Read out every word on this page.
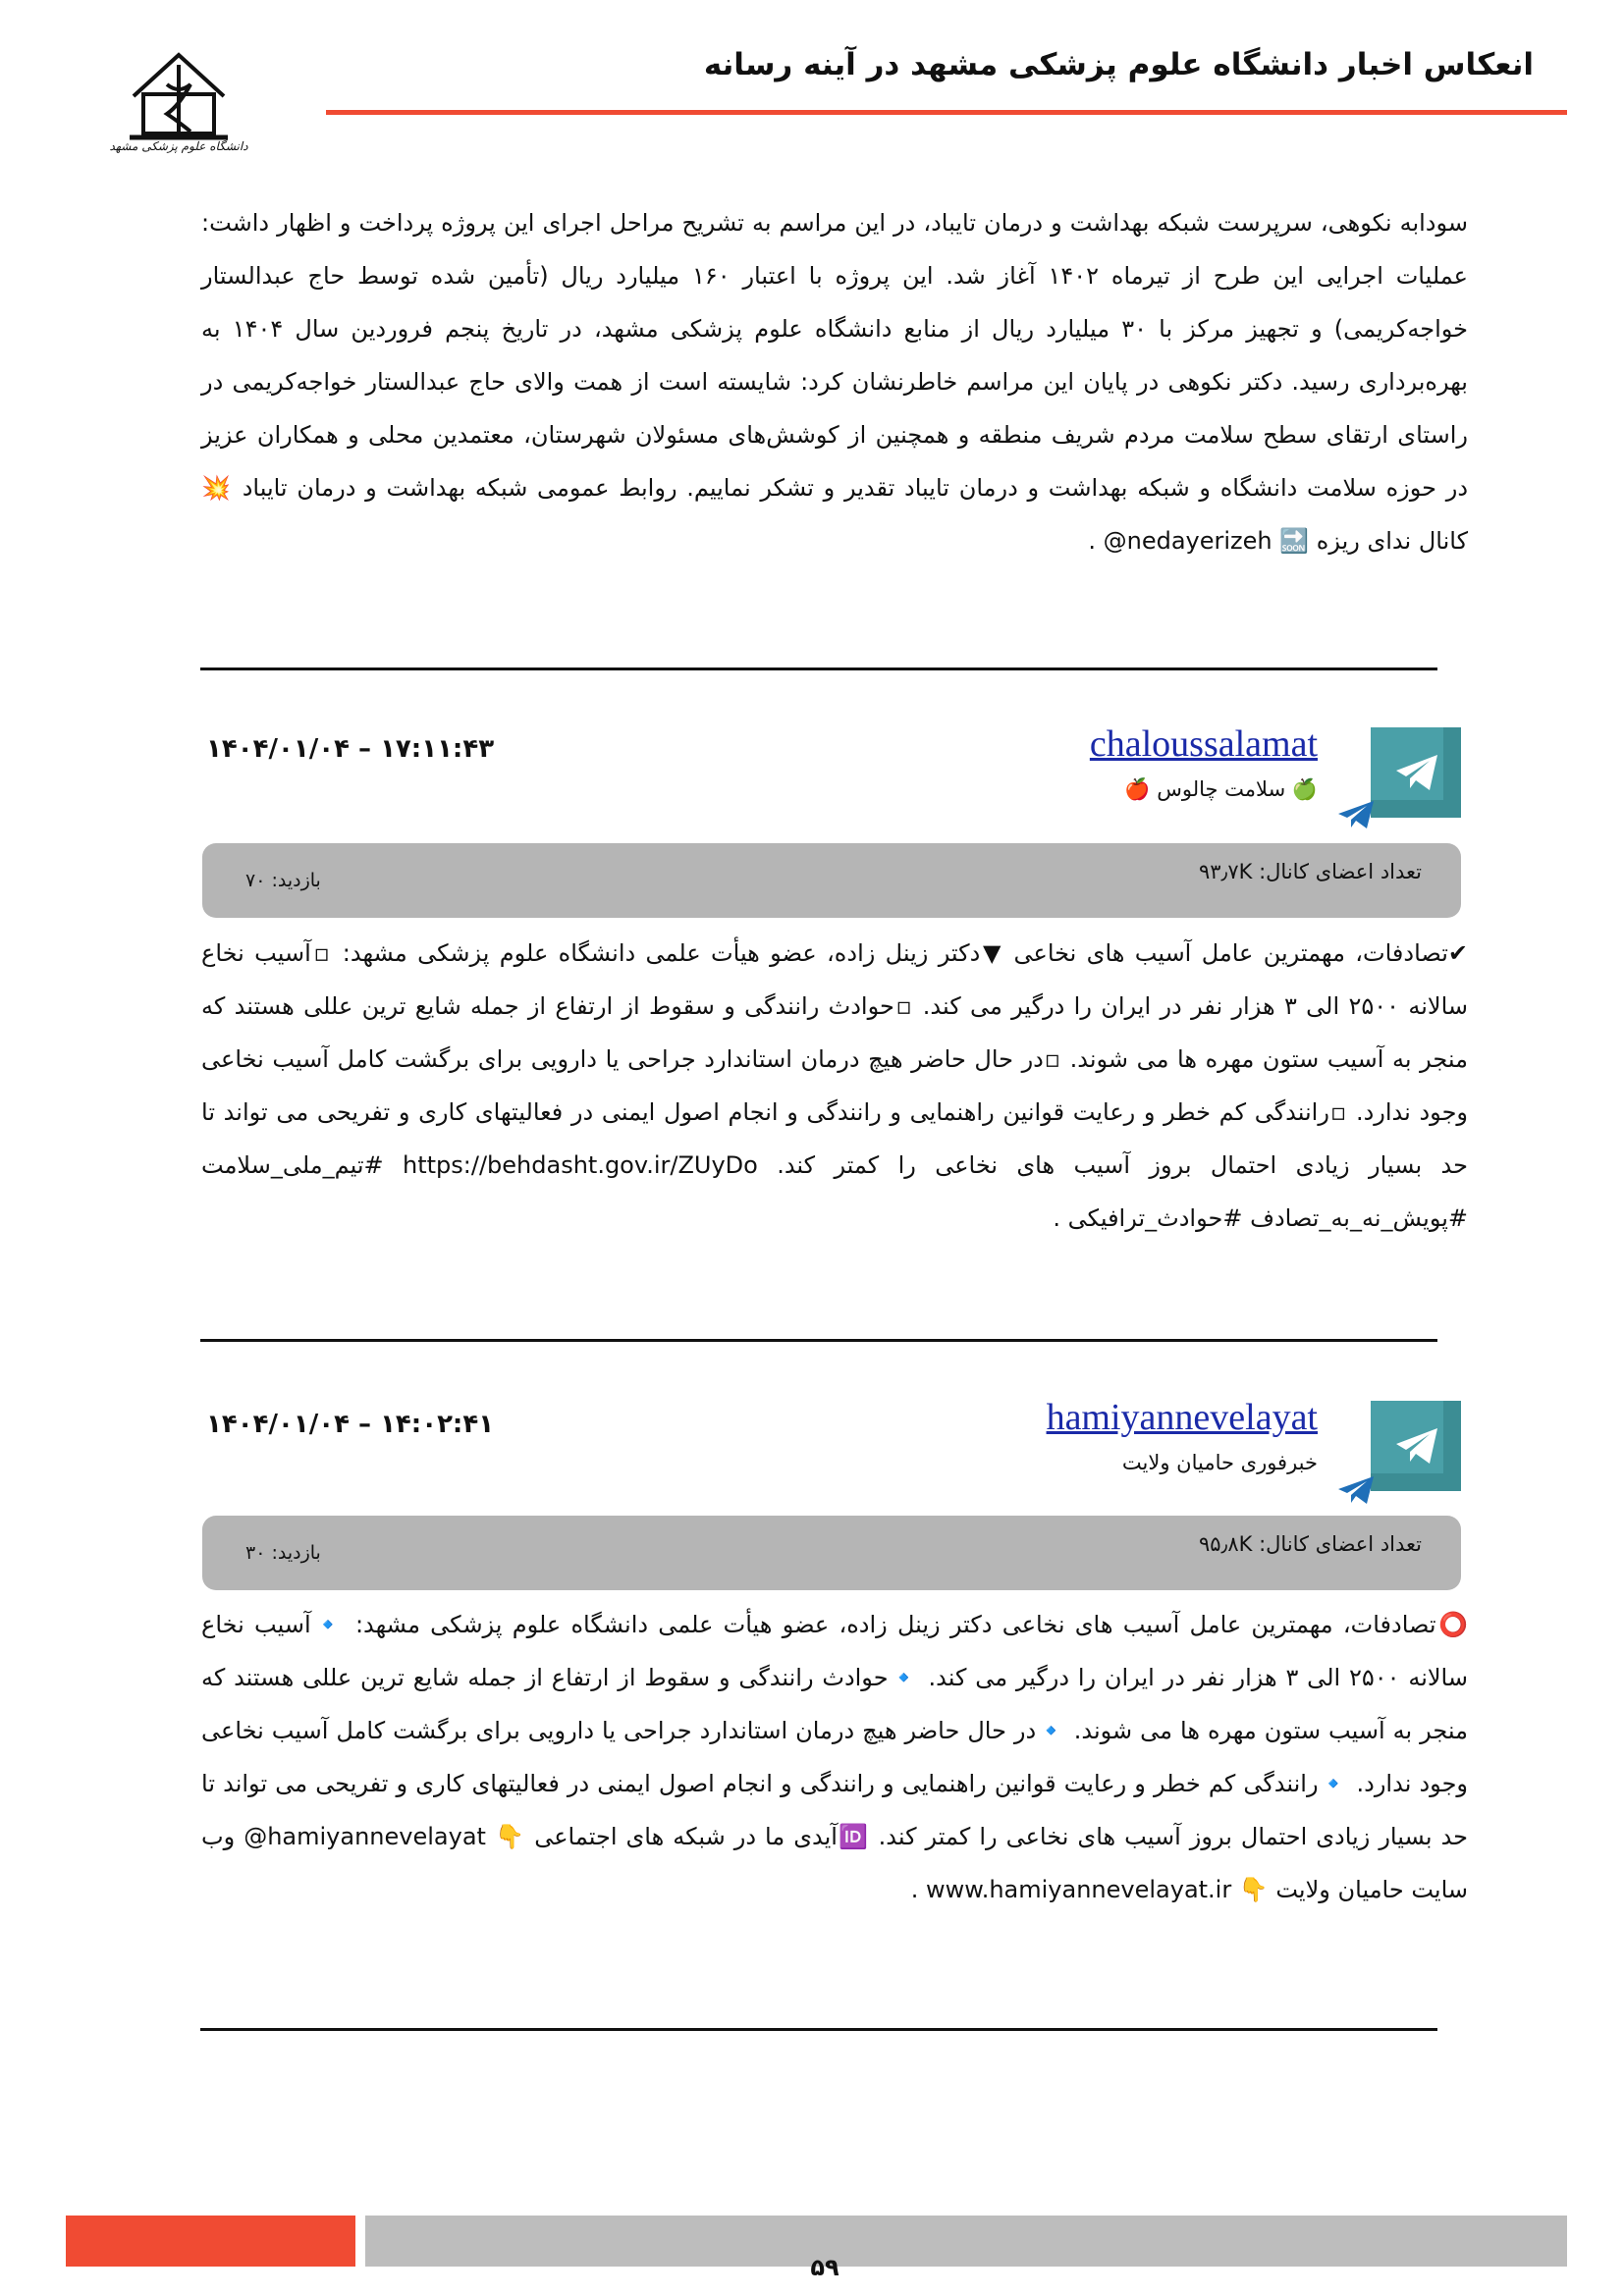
دانشگاه علوم پزشکی مشهد
انعکاس اخبار دانشگاه علوم پزشکی مشهد در آینه رسانه
سودابه نکوهی، سرپرست شبکه بهداشت و درمان تایباد، در این مراسم به تشریح مراحل اجرای این پروژه پرداخت و اظهار داشت: عملیات اجرایی این طرح از تیرماه ۱۴۰۲ آغاز شد. این پروژه با اعتبار ۱۶۰ میلیارد ریال (تأمین شده توسط حاج عبدالستار خواجه‌کریمی) و تجهیز مرکز با ۳۰ میلیارد ریال از منابع دانشگاه علوم پزشکی مشهد، در تاریخ پنجم فروردین سال ۱۴۰۴ به بهره‌برداری رسید. دکتر نکوهی در پایان این مراسم خاطرنشان کرد: شایسته است از همت والای حاج عبدالستار خواجه‌کریمی در راستای ارتقای سطح سلامت مردم شریف منطقه و همچنین از کوشش‌های مسئولان شهرستان، معتمدین محلی و همکاران عزیز در حوزه سلامت دانشگاه و شبکه بهداشت و درمان تایباد تقدیر و تشکر نماییم. روابط عمومی شبکه بهداشت و درمان تایباد 💥 کانال ندای ریزه 🔜 nedayerizeh@ .
chaloussalamat
🍏 سلامت چالوس 🍎
۱۷:۱۱:۴۳ – ۱۴۰۴/۰۱/۰۴
تعداد اعضای کانال: ۹۳٫۷K
بازدید: ۷۰
✔تصادفات، مهمترین عامل آسیب های نخاعی ▼دکتر زینل زاده، عضو هیأت علمی دانشگاه علوم پزشکی مشهد: ▫آسیب نخاع سالانه ۲۵۰۰ الی ۳ هزار نفر در ایران را درگیر می کند. ▫حوادث رانندگی و سقوط از ارتفاع از جمله شایع ترین عللی هستند که منجر به آسیب ستون مهره ها می شوند. ▫در حال حاضر هیچ درمان استاندارد جراحی یا دارویی برای برگشت کامل آسیب نخاعی وجود ندارد. ▫رانندگی کم خطر و رعایت قوانین راهنمایی و رانندگی و انجام اصول ایمنی در فعالیتهای کاری و تفریحی می تواند تا حد بسیار زیادی احتمال بروز آسیب های نخاعی را کمتر کند. https://behdasht.gov.ir/ZUyDo #تیم_ملی_سلامت #پویش_نه_به_تصادف #حوادث_ترافیکی .
hamiyannevelayat
خبرفوری حامیان ولایت
۱۴:۰۲:۴۱ – ۱۴۰۴/۰۱/۰۴
تعداد اعضای کانال: ۹۵٫۸K
بازدید: ۳۰
⭕تصادفات، مهمترین عامل آسیب های نخاعی دکتر زینل زاده، عضو هیأت علمی دانشگاه علوم پزشکی مشهد: 🔹آسیب نخاع سالانه ۲۵۰۰ الی ۳ هزار نفر در ایران را درگیر می کند. 🔹حوادث رانندگی و سقوط از ارتفاع از جمله شایع ترین عللی هستند که منجر به آسیب ستون مهره ها می شوند. 🔹در حال حاضر هیچ درمان استاندارد جراحی یا دارویی برای برگشت کامل آسیب نخاعی وجود ندارد. 🔹رانندگی کم خطر و رعایت قوانین راهنمایی و رانندگی و انجام اصول ایمنی در فعالیتهای کاری و تفریحی می تواند تا حد بسیار زیادی احتمال بروز آسیب های نخاعی را کمتر کند. 🆔آیدی ما در شبکه های اجتماعی 👇 hamiyannevelayat@ وب سایت حامیان ولایت 👇 www.hamiyannevelayat.ir .
۵۹
